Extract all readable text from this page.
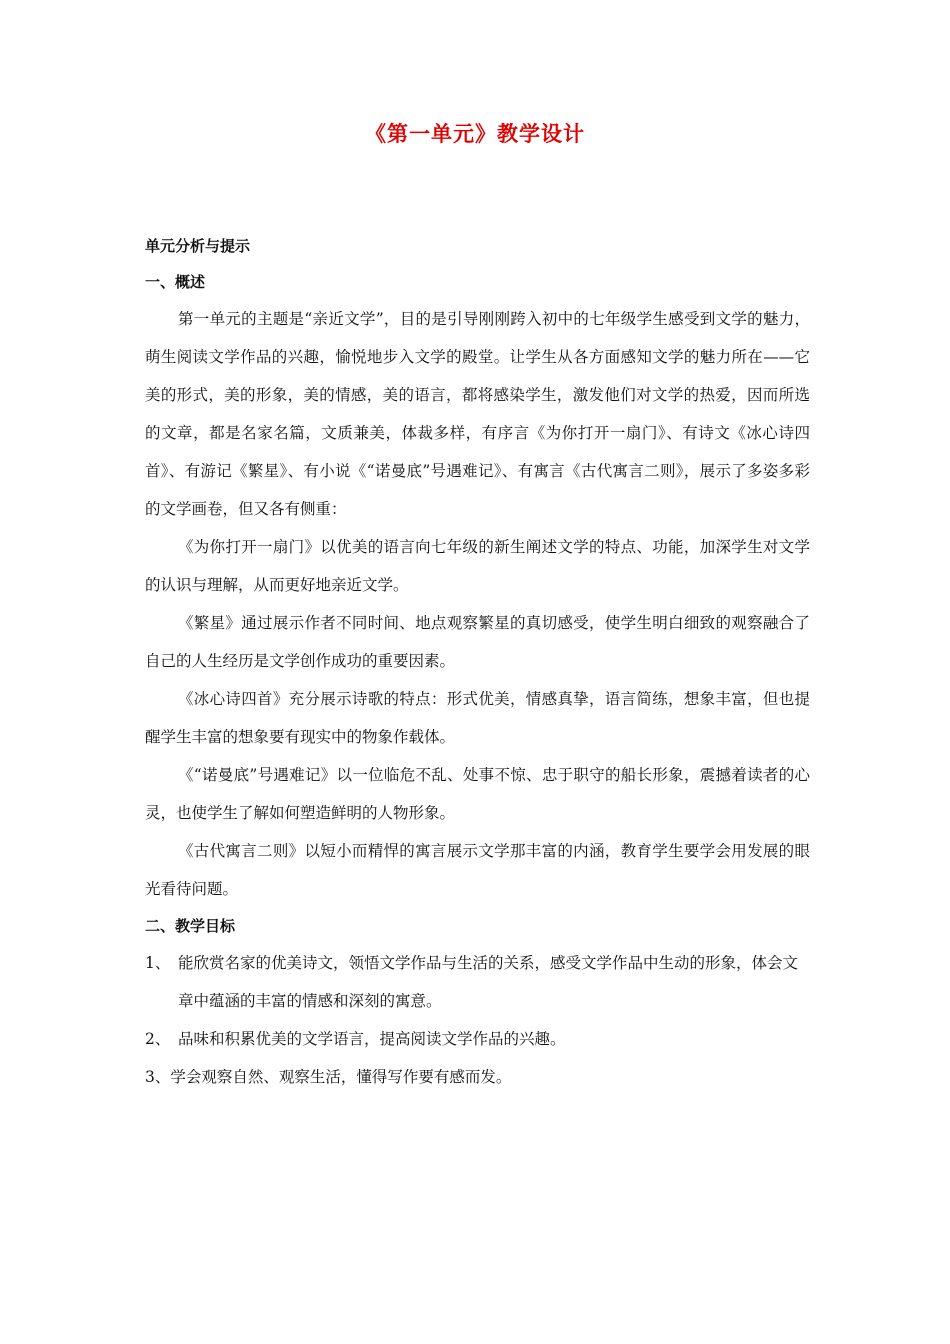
《第一单元》教学设计
单元分析与提示
一、概述
第一单元的主题是“亲近文学”，目的是引导刚刚跨入初中的七年级学生感受到文学的魅力，萌生阅读文学作品的兴趣，愉悦地步入文学的殿堂。让学生从各方面感知文学的魅力所在——它美的形式，美的形象，美的情感，美的语言，都将感染学生，激发他们对文学的热爱，因而所选的文章，都是名家名篇，文质兼美，体裁多样，有序言《为你打开一扇门》、有诗文《冰心诗四首》、有游记《繁星》、有小说《“诺曼底”号遇难记》、有寓言《古代寓言二则》，展示了多姿多彩的文学画卷，但又各有侧重：
《为你打开一扇门》以优美的语言向七年级的新生阐述文学的特点、功能，加深学生对文学的认识与理解，从而更好地亲近文学。
《繁星》通过展示作者不同时间、地点观察繁星的真切感受，使学生明白细致的观察融合了自己的人生经历是文学创作成功的重要因素。
《冰心诗四首》充分展示诗歌的特点：形式优美，情感真挚，语言简练，想象丰富，但也提醒学生丰富的想象要有现实中的物象作载体。
《“诺曼底”号遇难记》以一位临危不乱、处事不惊、忠于职守的船长形象，震撼着读者的心灵，也使学生了解如何塑造鲜明的人物形象。
《古代寓言二则》以短小而精悍的寓言展示文学那丰富的内涵，教育学生要学会用发展的眼光看待问题。
二、教学目标
1、 能欣赏名家的优美诗文，领悟文学作品与生活的关系，感受文学作品中生动的形象，体会文章中蕴涵的丰富的情感和深刻的寓意。
2、 品味和积累优美的文学语言，提高阅读文学作品的兴趣。
3、学会观察自然、观察生活，懂得写作要有感而发。
